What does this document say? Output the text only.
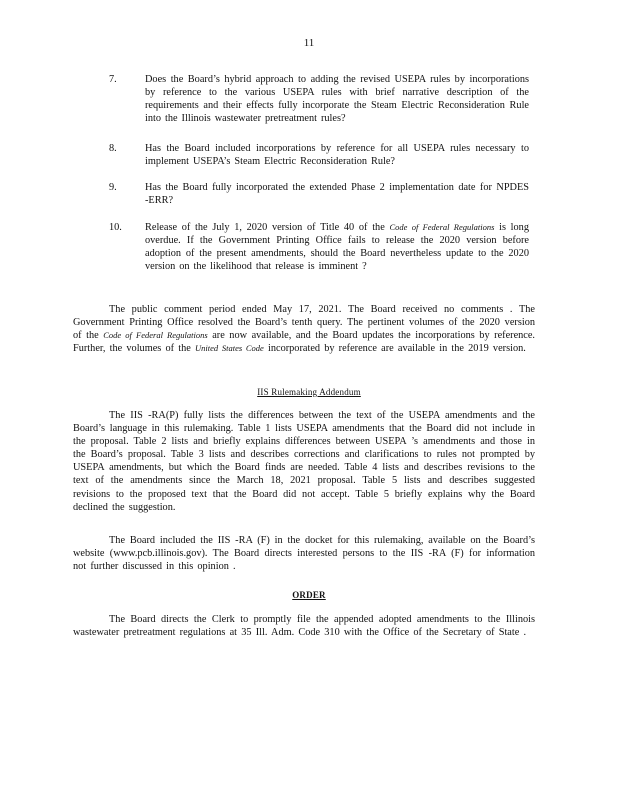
11
7.	Does the Board’s hybrid approach to adding the revised USEPA rules by incorporations by reference to the various USEPA rules with brief narrative description of the requirements and their effects fully incorporate the Steam Electric Reconsideration Rule into the Illinois wastewater pretreatment rules?
8.	Has the Board included incorporations by reference for all USEPA rules necessary to implement USEPA’s Steam Electric Reconsideration Rule?
9.	Has the Board fully incorporated the extended Phase 2 implementation date for NPDES -ERR?
10. Release of the July 1, 2020 version of Title 40 of the Code of Federal Regulations is long overdue. If the Government Printing Office fails to release the 2020 version before adoption of the present amendments, should the Board nevertheless update to the 2020 version on the likelihood that release is imminent ?

The public comment period ended May 17, 2021. The Board received no comments . The Government Printing Office resolved the Board’s tenth query. The pertinent volumes of the 2020 version of the Code of Federal Regulations are now available, and the Board updates the incorporations by reference. Further, the volumes of the United States Code incorporated by reference are available in the 2019 version.

IIS Rulemaking Addendum

The IIS -RA(P) fully lists the differences between the text of the USEPA amendments and the Board’s language in this rulemaking. Table 1 lists USEPA amendments that the Board did not include in the proposal. Table 2 lists and briefly explains differences between USEPA ’s amendments and those in the Board’s proposal. Table 3 lists and describes corrections and clarifications to rules not prompted by USEPA amendments, but which the Board finds are needed. Table 4 lists and describes revisions to the text of the amendments since the March 18, 2021 proposal. Table 5 lists and describes suggested revisions to the proposed text that the Board did not accept. Table 5 briefly explains why the Board declined the suggestion.

The Board included the IIS -RA (F) in the docket for this rulemaking, available on the Board’s website (www.pcb.illinois.gov). The Board directs interested persons to the IIS -RA (F) for information not further discussed in this opinion .

ORDER

The Board directs the Clerk to promptly file the appended adopted amendments to the Illinois wastewater pretreatment regulations at 35 Ill. Adm. Code 310 with the Office of the Secretary of State .
